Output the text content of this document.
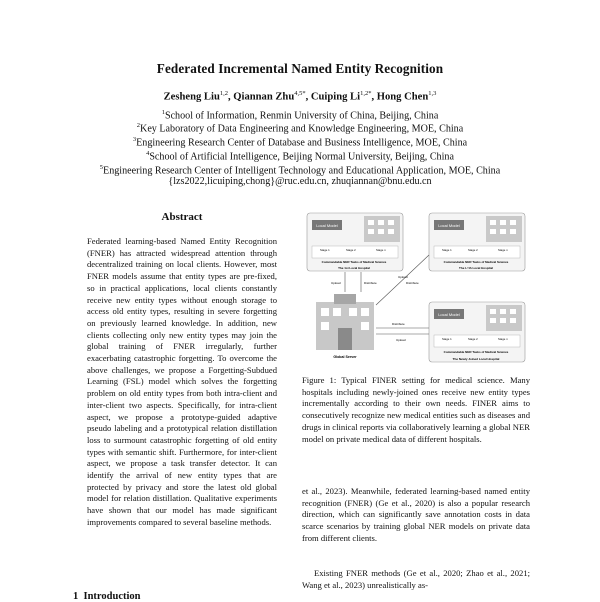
Federated Incremental Named Entity Recognition
Zesheng Liu$^{1,2}$, Qiannan Zhu$^{4,5*}$, Cuiping $Li^{1,2*}$, Hong Chen$^{1,3}$
$^1$School of Information, Renmin University of China, Beijing, China
$^2$Key Laboratory of Data Engineering and Knowledge Engineering, MOE, China
$^3$Engineering Research Center of Database and Business Intelligence, MOE, China
$^4$School of Artificial Intelligence, Beijing Normal University, Beijing, China
$^5$Engineering Research Center of Intelligent Technology and Educational Application, MOE, China
{lzs2022,licuiping,chong}@ruc.edu.cn, zhuqiannan@bnu.edu.cn
Abstract
Federated learning-based Named Entity Recognition (FNER) has attracted widespread attention through decentralized training on local clients. However, most FNER models assume that entity types are pre-fixed, so in practical applications, local clients constantly receive new entity types without enough storage to access old entity types, resulting in severe forgetting on previously learned knowledge. In addition, new clients collecting only new entity types may join the global training of FNER irregularly, further exacerbating catastrophic forgetting. To overcome the above challenges, we propose a Forgetting-Subdued Learning (FSL) model which solves the forgetting problem on old entity types from both intra-client and inter-client two aspects. Specifically, for intra-client aspect, we propose a prototype-guided adaptive pseudo labeling and a prototypical relation distillation loss to surmount catastrophic forgetting of old entity types with semantic shift. Furthermore, for inter-client aspect, we propose a task transfer detector. It can identify the arrival of new entity types that are protected by privacy and store the latest old global model for relation distillation. Qualitative experiments have shown that our model has made significant improvements compared to several baseline methods.
1 Introduction
Local Model
Stage 1	Stage 2	Stage n
Commandable NER Tasks of Medical Science
The 1st Local Hospital
Local Model
Stage 1	Stage 2	Stage n
Commandable NER Tasks of Medical Science
The L^th Local Hospital
Local Model
Stage 1	Stage 2	Stage n
Commandable NER Tasks of Medical Science
The Newly Joined Local Hospital
Global Server
Upload	Distribute
Upload
Distribute
Distribute
Upload
Figure 1: Typical FINER setting for medical science. Many hospitals including newly-joined ones receive new entity types incrementally according to their own needs. FINER aims to consecutively recognize new medical entities such as diseases and drugs in clinical reports via collaboratively learning a global NER model on private medical data of different hospitals.
et al., 2023). Meanwhile, federated learning-based named entity recognition (FNER) (Ge et al., 2020) is also a popular research direction, which can significantly save annotation costs in data scarce scenarios by training global NER models on private data from different clients.
Existing FNER methods (Ge et al., 2020; Zhao et al., 2021; Wang et al., 2023) unrealistically as-
